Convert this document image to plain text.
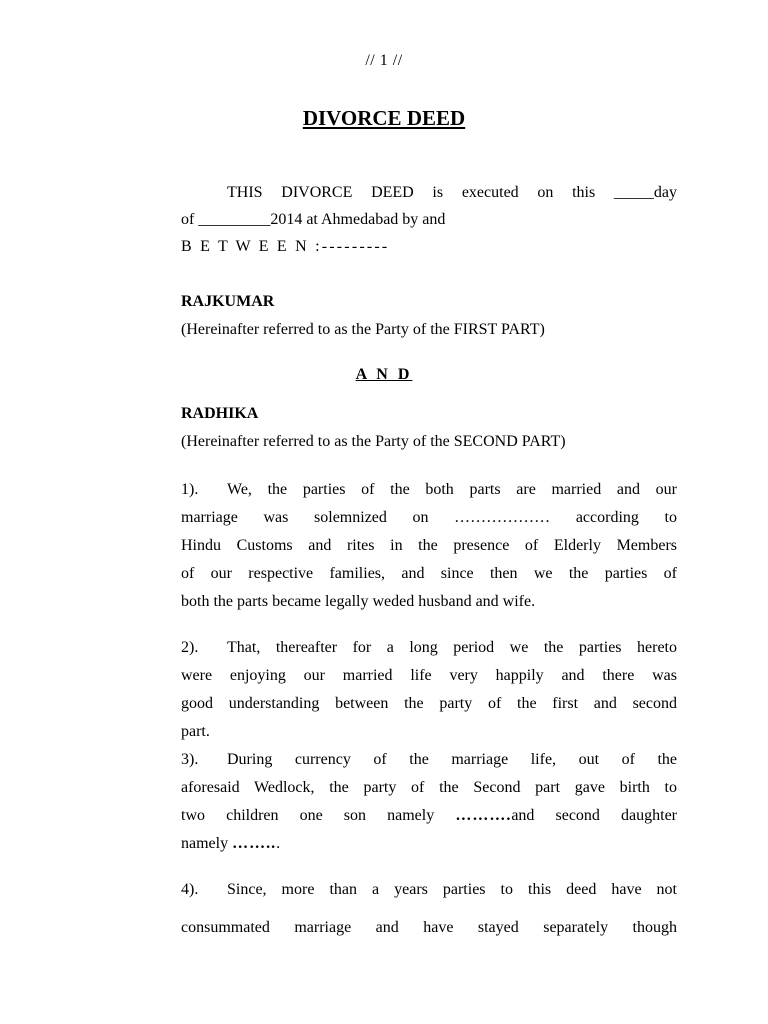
// 1 //
DIVORCE DEED
THIS DIVORCE DEED is executed on this _____day
of _________2014 at Ahmedabad by and
B E T W E E N :---------
RAJKUMAR
(Hereinafter referred to as the Party of the FIRST PART)
A N D
RADHIKA
(Hereinafter referred to as the Party of the SECOND PART)
1). We, the parties of the both parts are married and our
marriage was solemnized on ……………… according to
Hindu Customs and rites in the presence of Elderly Members
of our respective families, and since then we the parties of
both the parts became legally weded husband and wife.
2). That, thereafter for a long period we the parties hereto
were enjoying our married life very happily and there was
good understanding between the party of the first and second
part.
3). During currency of the marriage life, out of the
aforesaid Wedlock, the party of the Second part gave birth to
two children one son namely ……….and second daughter
namely ……...
4). Since, more than a years parties to this deed have not
consummated marriage and have stayed separately though
